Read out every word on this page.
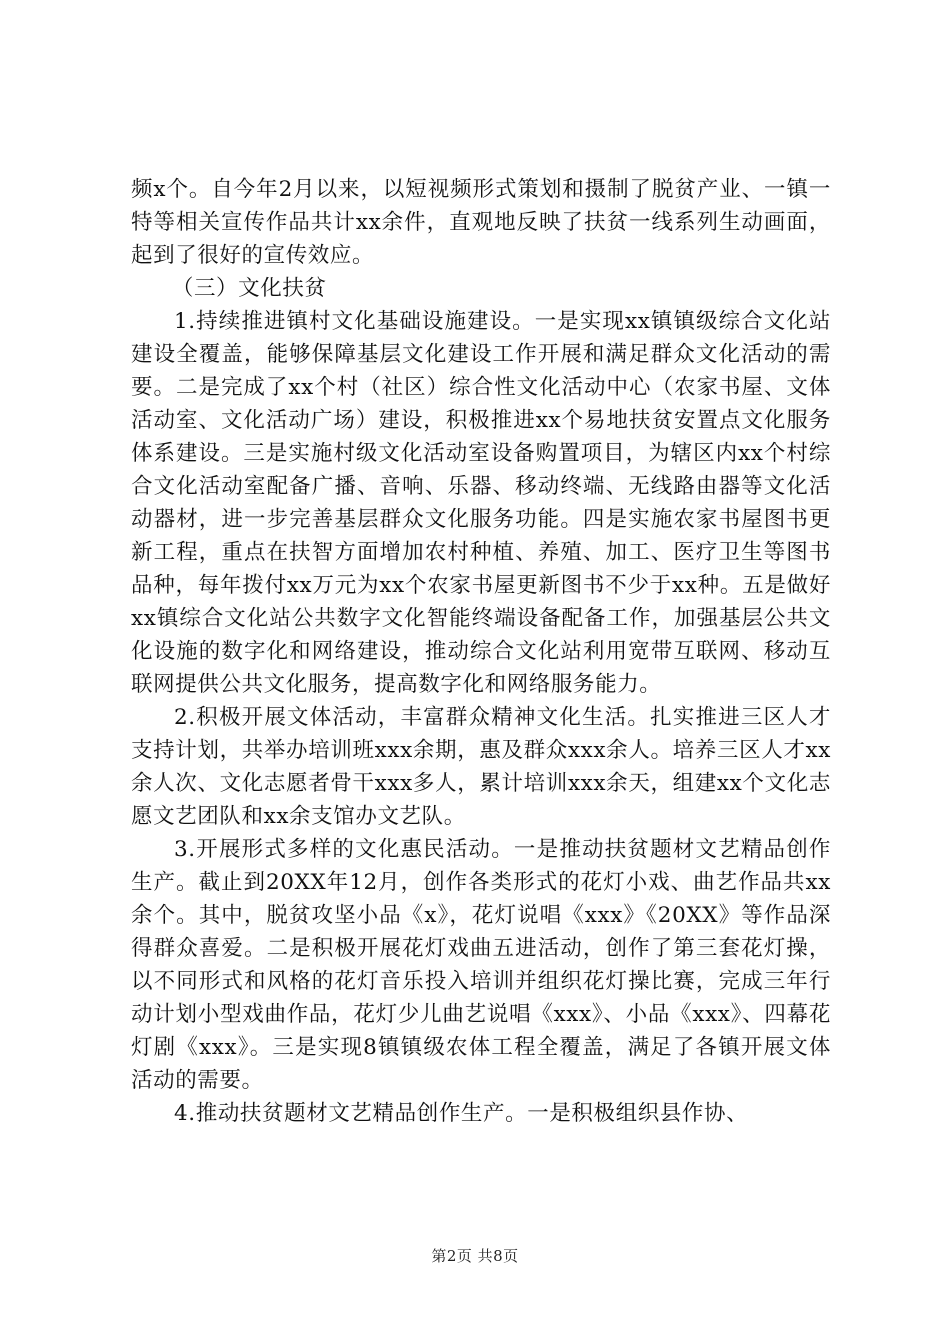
频x个。自今年2月以来，以短视频形式策划和摄制了脱贫产业、一镇一特等相关宣传作品共计xx余件，直观地反映了扶贫一线系列生动画面，起到了很好的宣传效应。

（三）文化扶贫

1.持续推进镇村文化基础设施建设。一是实现xx镇镇级综合文化站建设全覆盖，能够保障基层文化建设工作开展和满足群众文化活动的需要。二是完成了xx个村（社区）综合性文化活动中心（农家书屋、文体活动室、文化活动广场）建设，积极推进xx个易地扶贫安置点文化服务体系建设。三是实施村级文化活动室设备购置项目，为辖区内xx个村综合文化活动室配备广播、音响、乐器、移动终端、无线路由器等文化活动器材，进一步完善基层群众文化服务功能。四是实施农家书屋图书更新工程，重点在扶智方面增加农村种植、养殖、加工、医疗卫生等图书品种，每年拨付xx万元为xx个农家书屋更新图书不少于xx种。五是做好xx镇综合文化站公共数字文化智能终端设备配备工作，加强基层公共文化设施的数字化和网络建设，推动综合文化站利用宽带互联网、移动互联网提供公共文化服务，提高数字化和网络服务能力。

2.积极开展文体活动，丰富群众精神文化生活。扎实推进三区人才支持计划，共举办培训班xxx余期，惠及群众xxx余人。培养三区人才xx余人次、文化志愿者骨干xxx多人，累计培训xxx余天，组建xx个文化志愿文艺团队和xx余支馆办文艺队。

3.开展形式多样的文化惠民活动。一是推动扶贫题材文艺精品创作生产。截止到20XX年12月，创作各类形式的花灯小戏、曲艺作品共xx余个。其中，脱贫攻坚小品《x》，花灯说唱《xxx》《20XX》等作品深得群众喜爱。二是积极开展花灯戏曲五进活动，创作了第三套花灯操，以不同形式和风格的花灯音乐投入培训并组织花灯操比赛，完成三年行动计划小型戏曲作品，花灯少儿曲艺说唱《xxx》、小品《xxx》、四幕花灯剧《xxx》。三是实现8镇镇级农体工程全覆盖，满足了各镇开展文体活动的需要。

4.推动扶贫题材文艺精品创作生产。一是积极组织县作协、

第2页 共8页
